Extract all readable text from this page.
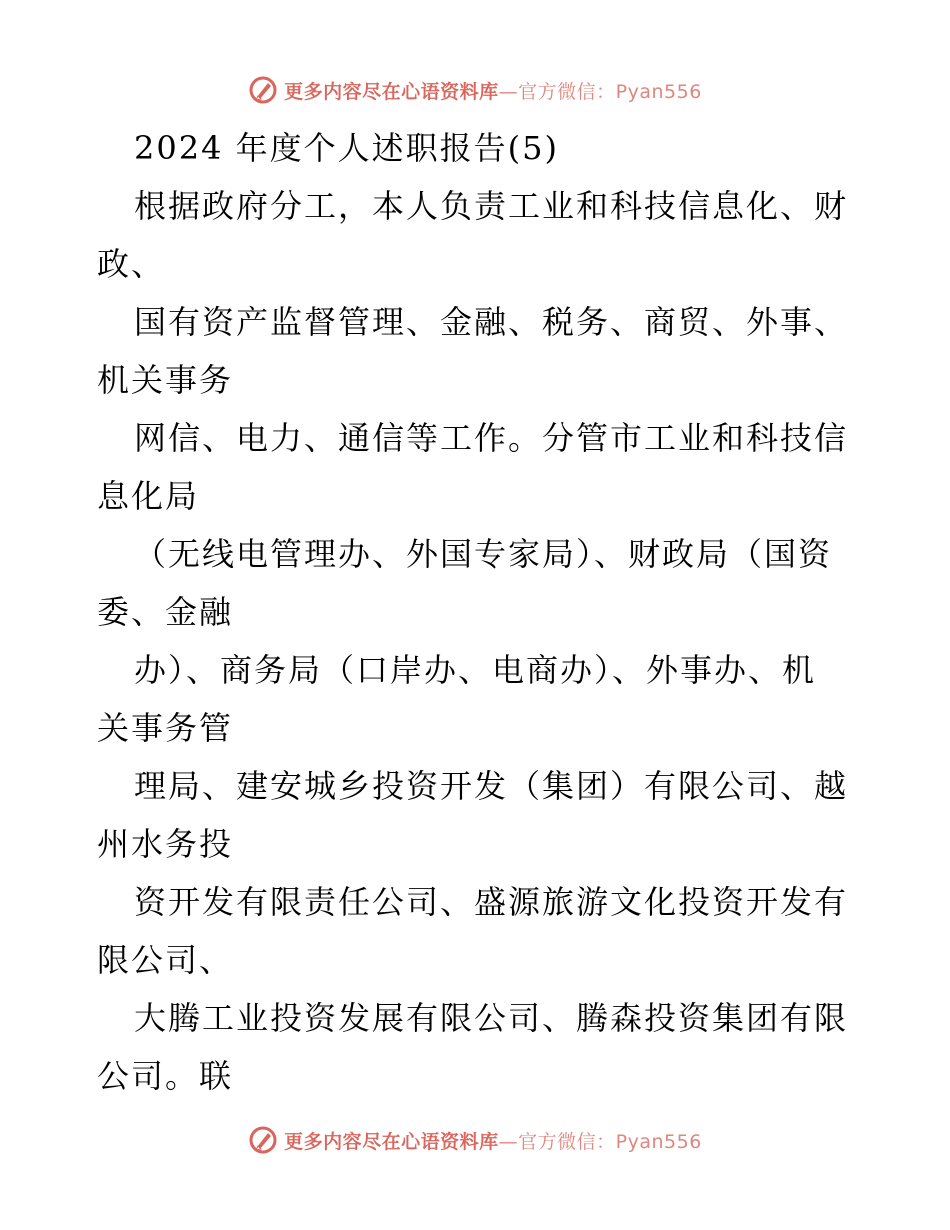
更多内容尽在心语资料库—官方微信：Pyan556
2024 年度个人述职报告(5)
根据政府分工，本人负责工业和科技信息化、财
政、
国有资产监督管理、金融、税务、商贸、外事、
机关事务
网信、电力、通信等工作。分管市工业和科技信
息化局
（无线电管理办、外国专家局）、财政局（国资
委、金融
办）、商务局（口岸办、电商办）、外事办、机
关事务管
理局、建安城乡投资开发（集团）有限公司、越
州水务投
资开发有限责任公司、盛源旅游文化投资开发有
限公司、
大腾工业投资发展有限公司、腾森投资集团有限
公司。联
更多内容尽在心语资料库—官方微信：Pyan556
